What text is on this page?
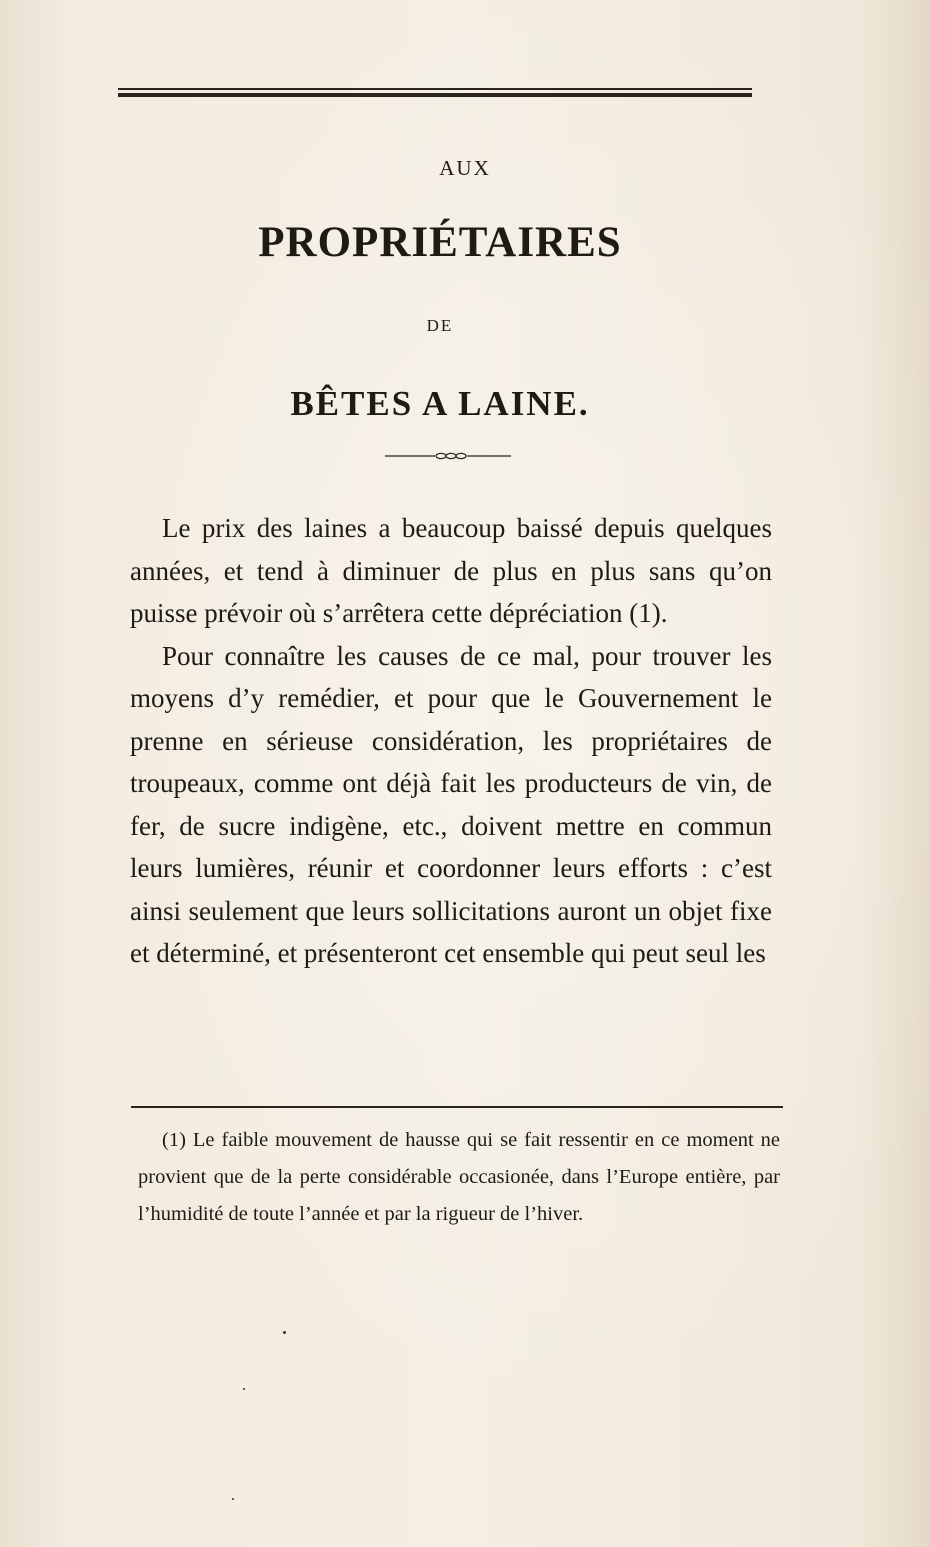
AUX
PROPRIÉTAIRES
DE
BÊTES A LAINE.

Le prix des laines a beaucoup baissé depuis quelques années, et tend à diminuer de plus en plus sans qu’on puisse prévoir où s’arrêtera cette dépréciation (1).

Pour connaître les causes de ce mal, pour trouver les moyens d’y remédier, et pour que le Gouvernement le prenne en sérieuse considération, les propriétaires de troupeaux, comme ont déjà fait les producteurs de vin, de fer, de sucre indigène, etc., doivent mettre en commun leurs lumières, réunir et coordonner leurs efforts : c’est ainsi seulement que leurs sollicitations auront un objet fixe et déterminé, et présenteront cet ensemble qui peut seul les

(1) Le faible mouvement de hausse qui se fait ressentir en ce moment ne provient que de la perte considérable occasionée, dans l’Europe entière, par l’humidité de toute l’année et par la rigueur de l’hiver.
